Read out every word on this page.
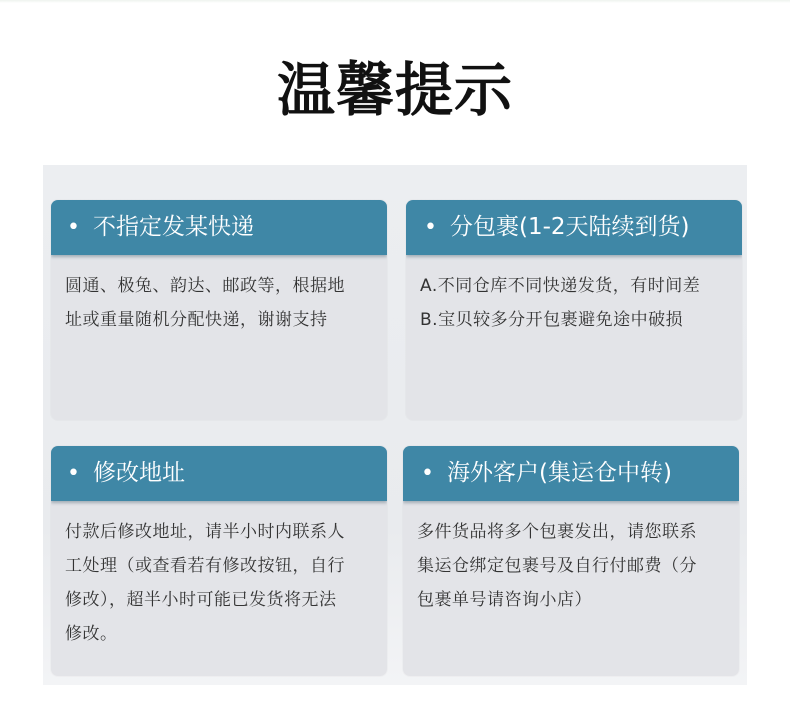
温馨提示
• 不指定发某快递
圆通、极兔、韵达、邮政等，根据地
址或重量随机分配快递，谢谢支持
• 分包裹(1-2天陆续到货)
A.不同仓库不同快递发货，有时间差
B.宝贝较多分开包裹避免途中破损
• 修改地址
付款后修改地址，请半小时内联系人
工处理（或查看若有修改按钮，自行
修改），超半小时可能已发货将无法
修改。
• 海外客户(集运仓中转)
多件货品将多个包裹发出，请您联系
集运仓绑定包裹号及自行付邮费（分
包裹单号请咨询小店）
